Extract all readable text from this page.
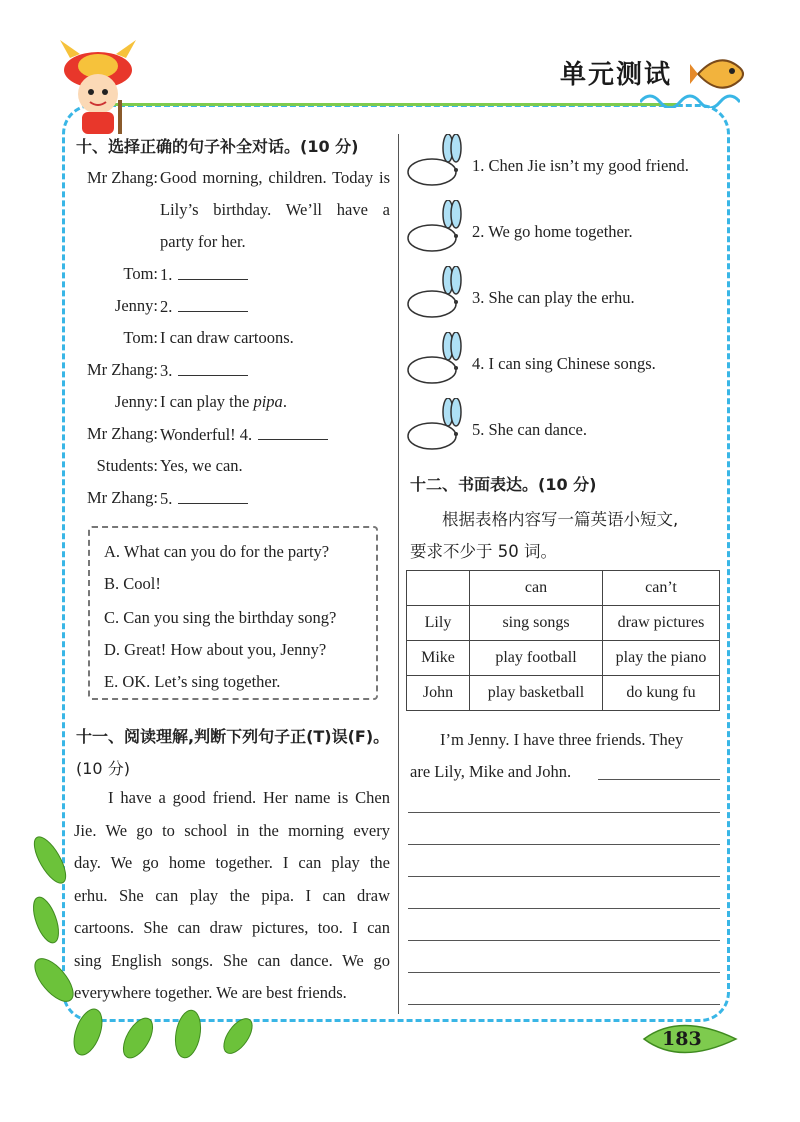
单元测试
十、选择正确的句子补全对话。(10 分)
Mr Zhang: Good morning, children. Today is
Lily’s birthday. We’ll have a
party for her.
Tom: 1.
Jenny: 2.
Tom: I can draw cartoons.
Mr Zhang: 3.
Jenny: I can play the pipa.
Mr Zhang: Wonderful! 4.
Students: Yes, we can.
Mr Zhang: 5.
A. What can you do for the party?
B. Cool!
C. Can you sing the birthday song?
D. Great! How about you, Jenny?
E. OK. Let’s sing together.
十一、阅读理解,判断下列句子正(T)误(F)。
(10 分)
I have a good friend. Her name is Chen
Jie. We go to school in the morning every
day. We go home together. I can play the
erhu. She can play the pipa. I can draw
cartoons. She can draw pictures, too. I can
sing English songs. She can dance. We go
everywhere together. We are best friends.
1. Chen Jie isn’t my good friend.
2. We go home together.
3. She can play the erhu.
4. I can sing Chinese songs.
5. She can dance.
十二、书面表达。(10 分)
根据表格内容写一篇英语小短文,
要求不少于 50 词。
	can	can’t
Lily	sing songs	draw pictures
Mike	play football	play the piano
John	play basketball	do kung fu
I’m Jenny. I have three friends. They
are Lily, Mike and John.
183
